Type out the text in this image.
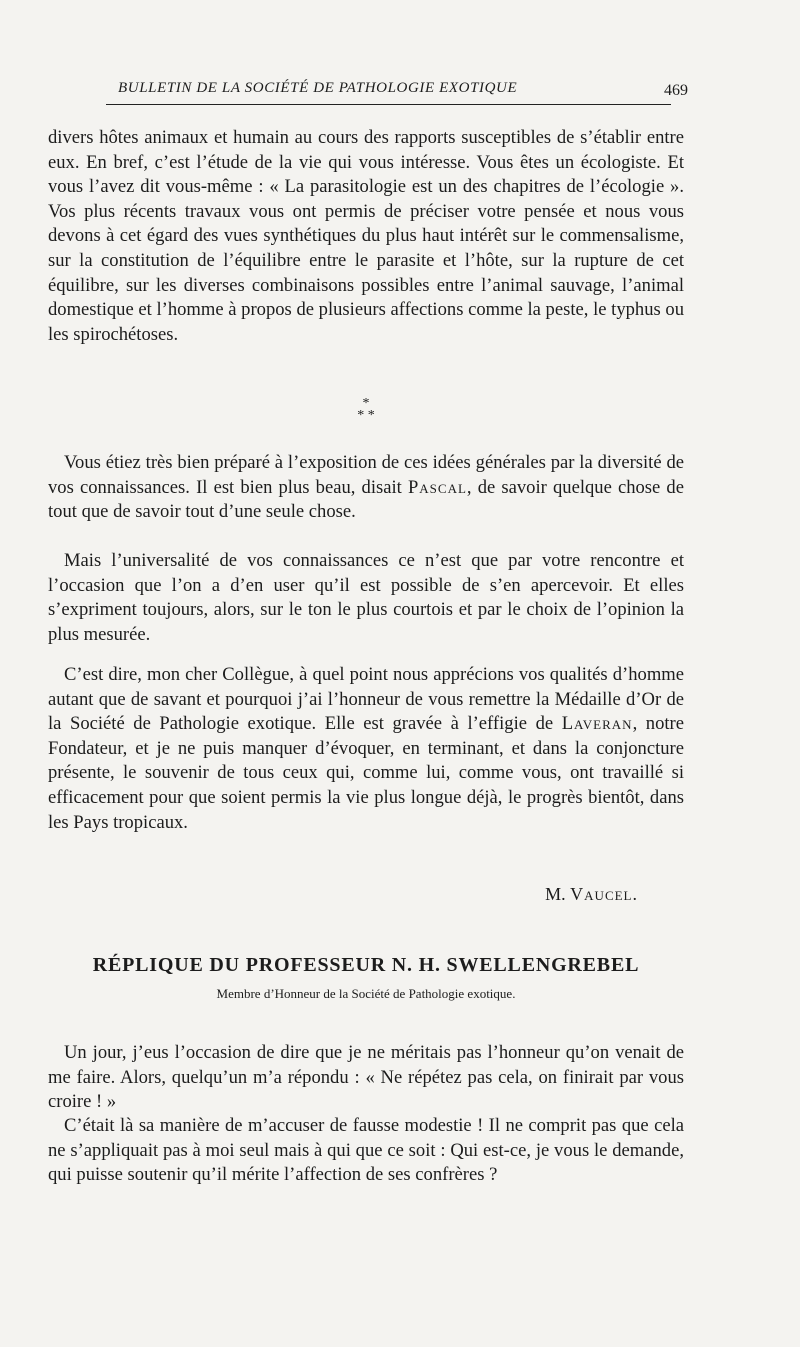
BULLETIN DE LA SOCIÉTÉ DE PATHOLOGIE EXOTIQUE	469

divers hôtes animaux et humain au cours des rapports susceptibles de s’établir entre eux. En bref, c’est l’étude de la vie qui vous intéresse. Vous êtes un écologiste. Et vous l’avez dit vous-même : « La parasitologie est un des chapitres de l’écologie ». Vos plus récents travaux vous ont permis de préciser votre pensée et nous vous devons à cet égard des vues synthétiques du plus haut intérêt sur le commensalisme, sur la constitution de l’équilibre entre le parasite et l’hôte, sur la rupture de cet équilibre, sur les diverses combinaisons possibles entre l’animal sauvage, l’animal domestique et l’homme à propos de plusieurs affections comme la peste, le typhus ou les spirochétoses.

*
* *

Vous étiez très bien préparé à l’exposition de ces idées générales par la diversité de vos connaissances. Il est bien plus beau, disait Pascal, de savoir quelque chose de tout que de savoir tout d’une seule chose.

Mais l’universalité de vos connaissances ce n’est que par votre rencontre et l’occasion que l’on a d’en user qu’il est possible de s’en apercevoir. Et elles s’expriment toujours, alors, sur le ton le plus courtois et par le choix de l’opinion la plus mesurée.

C’est dire, mon cher Collègue, à quel point nous apprécions vos qualités d’homme autant que de savant et pourquoi j’ai l’honneur de vous remettre la Médaille d’Or de la Société de Pathologie exotique. Elle est gravée à l’effigie de Laveran, notre Fondateur, et je ne puis manquer d’évoquer, en terminant, et dans la conjoncture présente, le souvenir de tous ceux qui, comme lui, comme vous, ont travaillé si efficacement pour que soient permis la vie plus longue déjà, le progrès bientôt, dans les Pays tropicaux.

M. Vaucel.
RÉPLIQUE DU PROFESSEUR N. H. SWELLENGREBEL
Membre d’Honneur de la Société de Pathologie exotique.

Un jour, j’eus l’occasion de dire que je ne méritais pas l’honneur qu’on venait de me faire. Alors, quelqu’un m’a répondu : « Ne répétez pas cela, on finirait par vous croire ! »

C’était là sa manière de m’accuser de fausse modestie ! Il ne comprit pas que cela ne s’appliquait pas à moi seul mais à qui que ce soit : Qui est-ce, je vous le demande, qui puisse soutenir qu’il mérite l’affection de ses confrères ?
